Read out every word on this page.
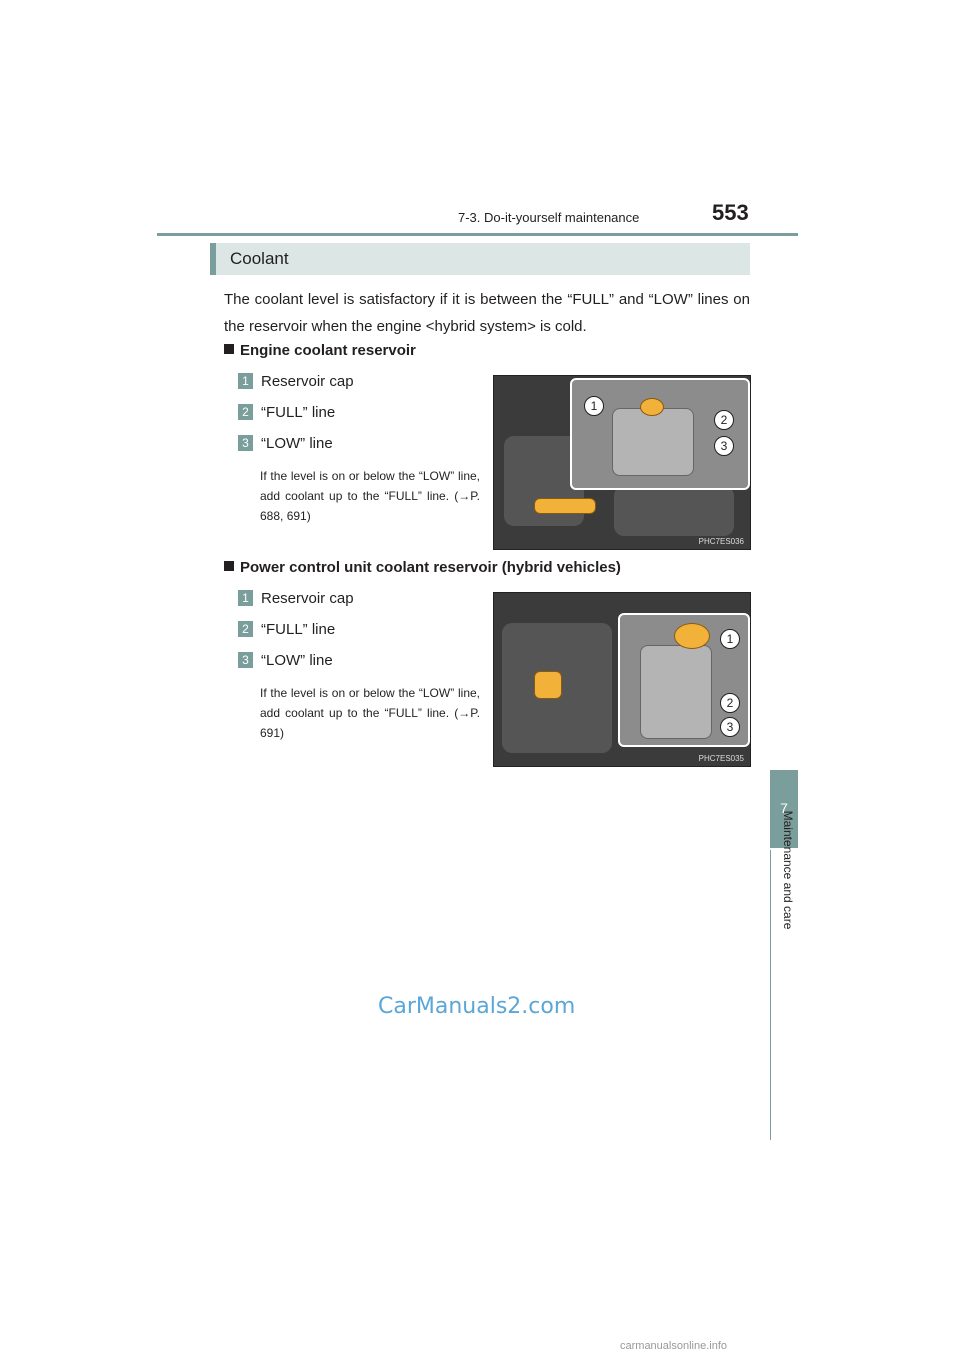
7-3. Do-it-yourself maintenance	553
7
Maintenance and care
Coolant
The coolant level is satisfactory if it is between the “FULL” and “LOW” lines on the reservoir when the engine <hybrid system> is cold.
Engine coolant reservoir
1 Reservoir cap
2 “FULL” line
3 “LOW” line
If the level is on or below the “LOW” line, add coolant up to the “FULL” line. (→P. 688, 691)
1
2
3
PHC7ES036
Power control unit coolant reservoir (hybrid vehicles)
1 Reservoir cap
2 “FULL” line
3 “LOW” line
If the level is on or below the “LOW” line, add coolant up to the “FULL” line. (→P. 691)
1
2
3
PHC7ES035
CarManuals2.com
carmanualsonline.info
